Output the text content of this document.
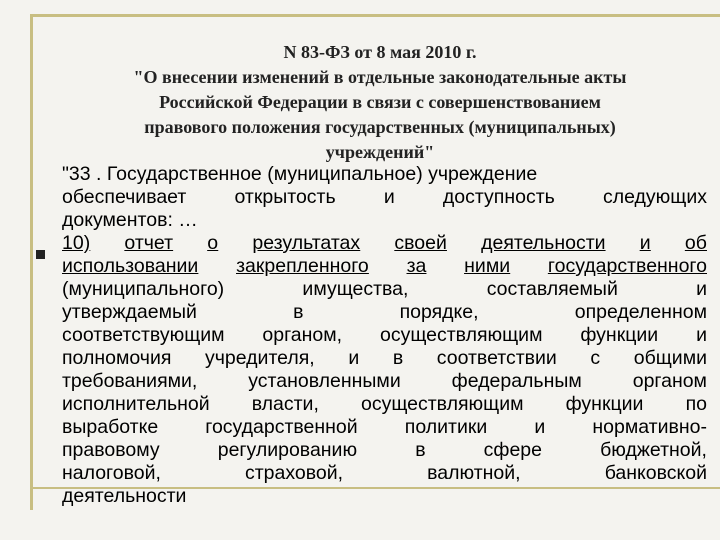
N 83-ФЗ от 8 мая 2010 г.
"О внесении изменений в отдельные законодательные акты
Российской Федерации в связи с совершенствованием
правового положения государственных (муниципальных)
учреждений"
"33 . Государственное (муниципальное) учреждение
обеспечивает открытость и доступность следующих
документов: …
10) отчет о результатах своей деятельности и об
использовании закрепленного за ними государственного
(муниципального)	имущества,	составляемый	и
утверждаемый	в	порядке,	определенном
соответствующим органом, осуществляющим функции и
полномочия учредителя, и в соответствии с общими
требованиями,	установленными	федеральным	органом
исполнительной власти, осуществляющим функции по
выработке государственной политики и нормативно-
правовому	регулированию	в	сфере	бюджетной,
налоговой,	страховой,	валютной,	банковской
деятельности
